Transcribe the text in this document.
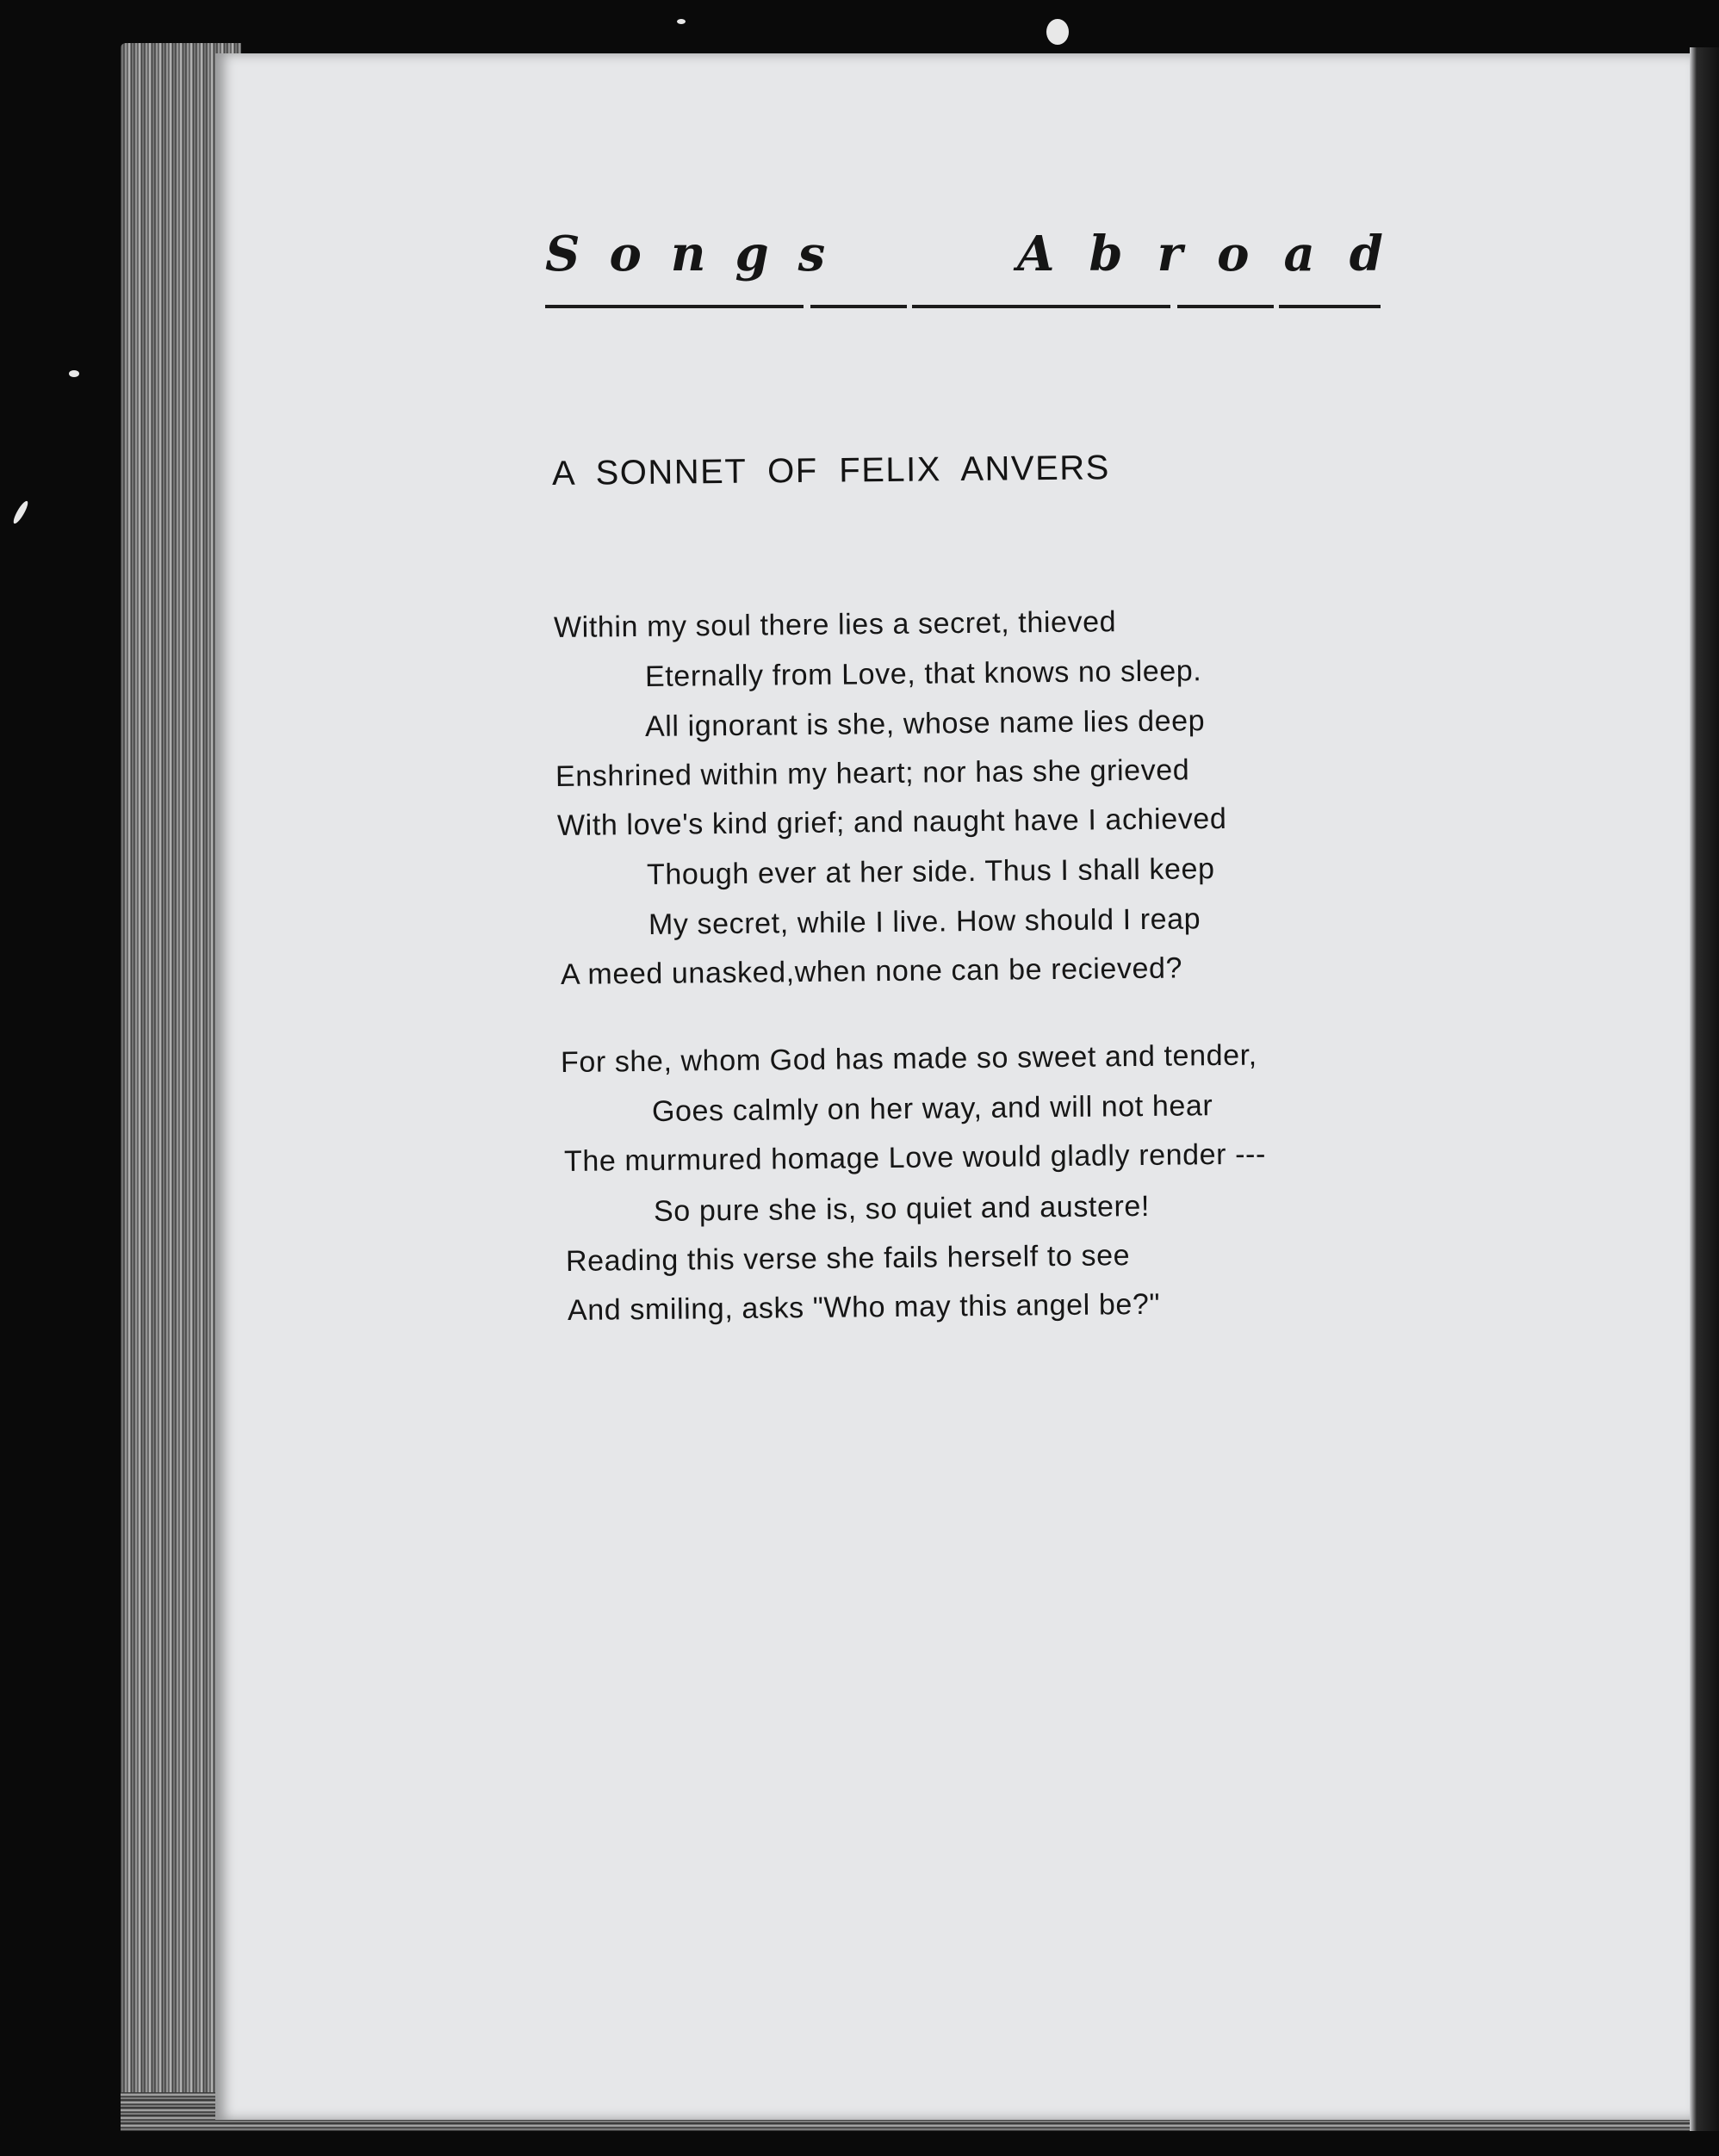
Songs	Abroad
A SONNET OF FELIX ANVERS
Within my soul there lies a secret, thieved
Eternally from Love, that knows no sleep.
All ignorant is she, whose name lies deep
Enshrined within my heart; nor has she grieved
With love's kind grief; and naught have I achieved
Though ever at her side. Thus I shall keep
My secret, while I live. How should I reap
A meed unasked,when none can be recieved?
For she, whom God has made so sweet and tender,
Goes calmly on her way, and will not hear
The murmured homage Love would gladly render ---
So pure she is, so quiet and austere!
Reading this verse she fails herself to see
And smiling, asks "Who may this angel be?"
